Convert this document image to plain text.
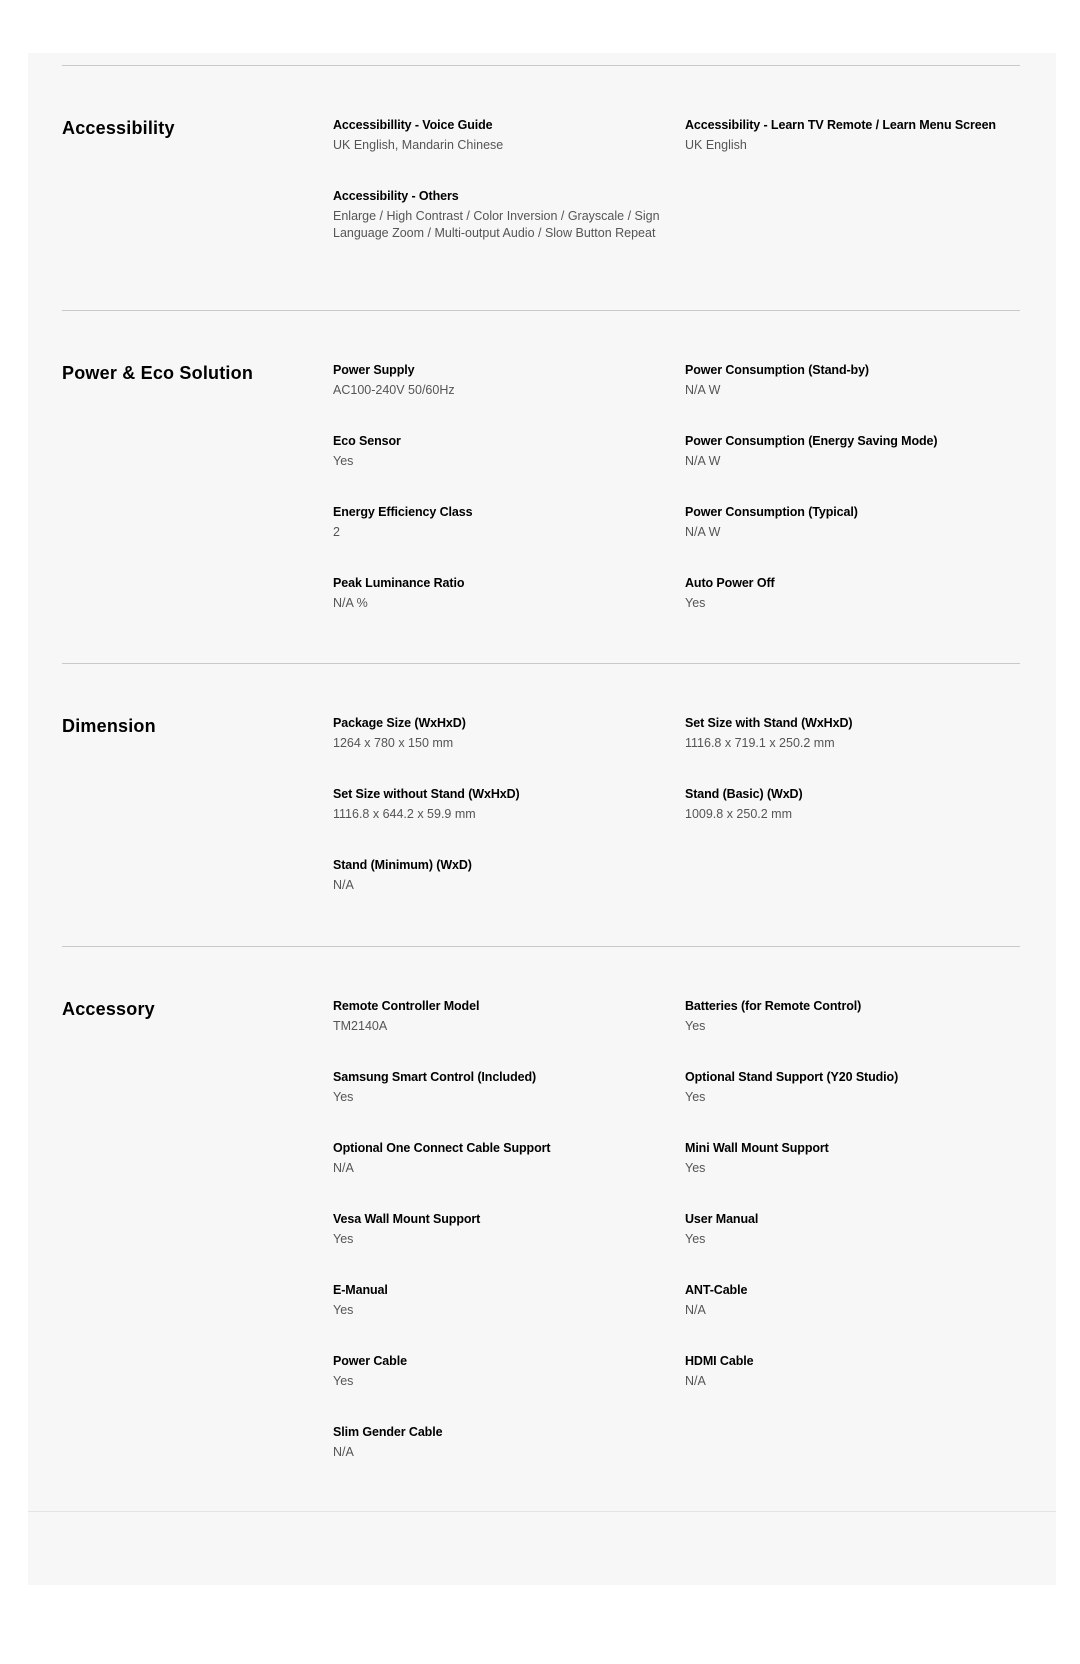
Accessibility	Accessibillity - Voice Guide
UK English, Mandarin Chinese
Accessibility - Learn TV Remote / Learn Menu Screen
UK English
Accessibility - Others
Enlarge / High Contrast / Color Inversion / Grayscale / Sign Language Zoom / Multi-output Audio / Slow Button Repeat
Power & Eco Solution	Power Supply
AC100-240V 50/60Hz
Power Consumption (Stand-by)
N/A W
Eco Sensor
Yes
Power Consumption (Energy Saving Mode)
N/A W
Energy Efficiency Class
2
Power Consumption (Typical)
N/A W
Peak Luminance Ratio
N/A %
Auto Power Off
Yes
Dimension	Package Size (WxHxD)
1264 x 780 x 150 mm
Set Size with Stand (WxHxD)
1116.8 x 719.1 x 250.2 mm
Set Size without Stand (WxHxD)
1116.8 x 644.2 x 59.9 mm
Stand (Basic) (WxD)
1009.8 x 250.2 mm
Stand (Minimum) (WxD)
N/A
Accessory	Remote Controller Model
TM2140A
Batteries (for Remote Control)
Yes
Samsung Smart Control (Included)
Yes
Optional Stand Support (Y20 Studio)
Yes
Optional One Connect Cable Support
N/A
Mini Wall Mount Support
Yes
Vesa Wall Mount Support
Yes
User Manual
Yes
E-Manual
Yes
ANT-Cable
N/A
Power Cable
Yes
HDMI Cable
N/A
Slim Gender Cable
N/A
